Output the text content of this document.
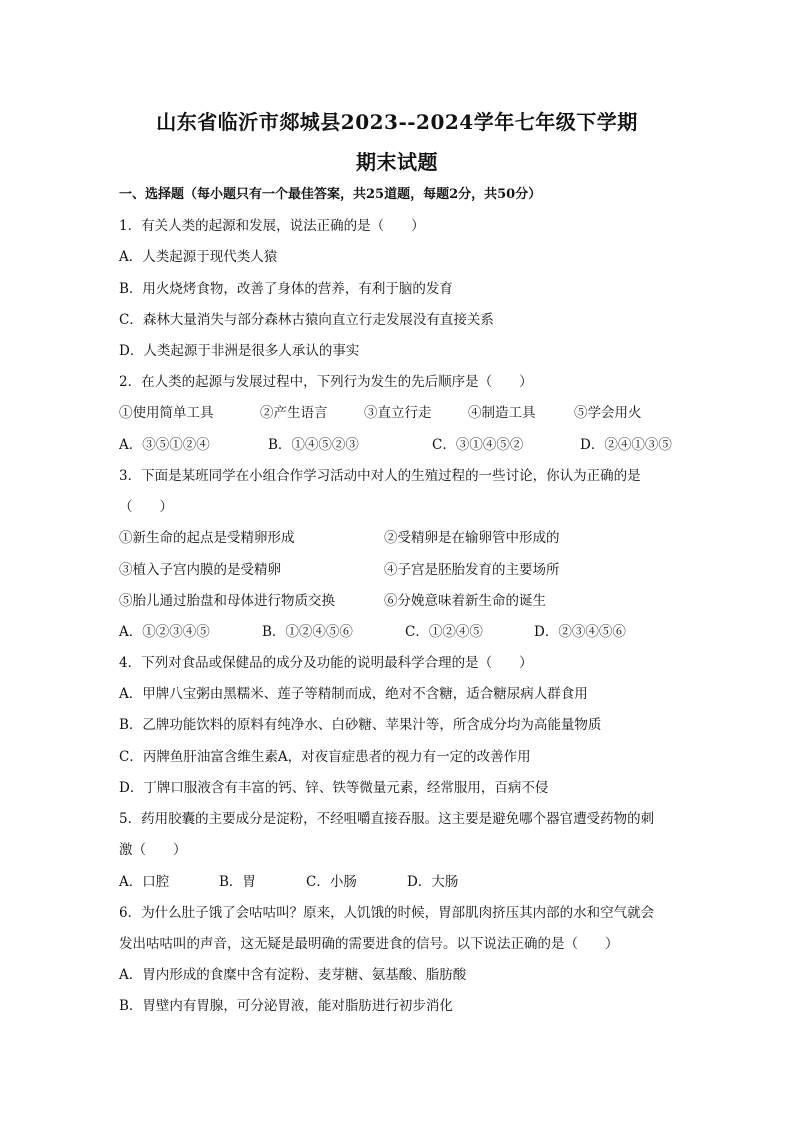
山东省临沂市郯城县2023--2024学年七年级下学期
期末试题
一、选择题（每小题只有一个最佳答案，共25道题，每题2分，共50分）
1．有关人类的起源和发展，说法正确的是（　　）
A．人类起源于现代类人猿
B．用火烧烤食物，改善了身体的营养，有利于脑的发育
C．森林大量消失与部分森林古猿向直立行走发展没有直接关系
D．人类起源于非洲是很多人承认的事实
2．在人类的起源与发展过程中，下列行为发生的先后顺序是（　　）
①使用简单工具	②产生语言	③直立行走	④制造工具	⑤学会用火
A．③⑤①②④	B．①④⑤②③	C．③①④⑤②	D．②④①③⑤
3．下面是某班同学在小组合作学习活动中对人的生殖过程的一些讨论，你认为正确的是
（　　）
①新生命的起点是受精卵形成	②受精卵是在输卵管中形成的
③植入子宫内膜的是受精卵	④子宫是胚胎发育的主要场所
⑤胎儿通过胎盘和母体进行物质交换	⑥分娩意味着新生命的诞生
A．①②③④⑤	B．①②④⑤⑥	C．①②④⑤	D．②③④⑤⑥
4．下列对食品或保健品的成分及功能的说明最科学合理的是（　　）
A．甲牌八宝粥由黑糯米、莲子等精制而成，绝对不含糖，适合糖尿病人群食用
B．乙牌功能饮料的原料有纯净水、白砂糖、苹果汁等，所含成分均为高能量物质
C．丙牌鱼肝油富含维生素A，对夜盲症患者的视力有一定的改善作用
D．丁牌口服液含有丰富的钙、锌、铁等微量元素，经常服用，百病不侵
5．药用胶囊的主要成分是淀粉，不经咀嚼直接吞服。这主要是避免哪个器官遭受药物的刺
激（　　）
A．口腔	B．胃	C．小肠	D．大肠
6．为什么肚子饿了会咕咕叫？原来，人饥饿的时候，胃部肌肉挤压其内部的水和空气就会
发出咕咕叫的声音，这无疑是最明确的需要进食的信号。以下说法正确的是（　　）
A．胃内形成的食糜中含有淀粉、麦芽糖、氨基酸、脂肪酸
B．胃壁内有胃腺，可分泌胃液，能对脂肪进行初步消化
